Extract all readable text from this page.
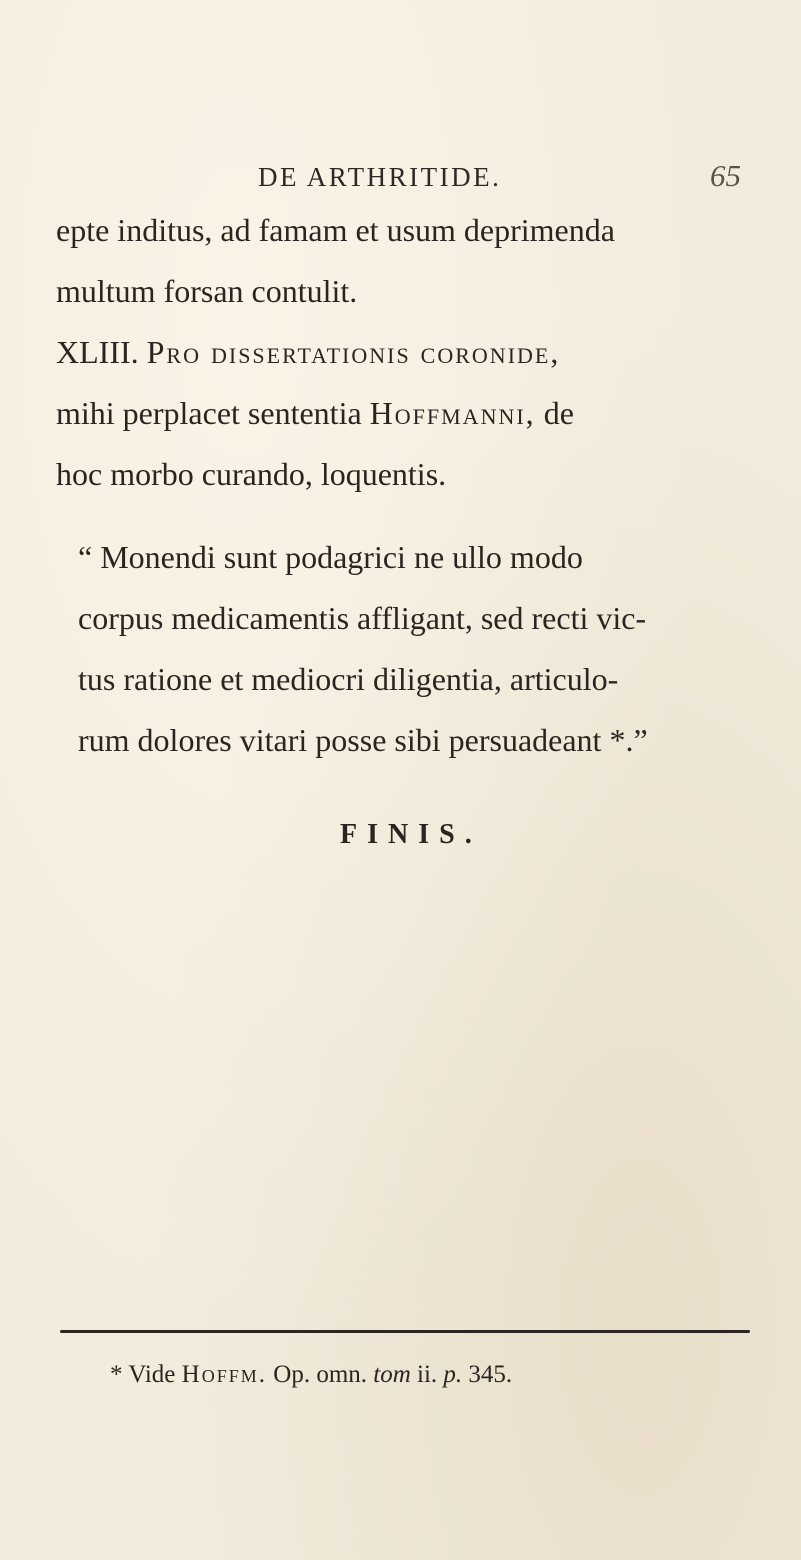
DE ARTHRITIDE.	65
epte inditus, ad famam et usum deprimenda
multum forsan contulit.
XLIII. Pro dissertationis coronide,
mihi perplacet sententia Hoffmanni, de
hoc morbo curando, loquentis.
“ Monendi sunt podagrici ne ullo modo
corpus medicamentis affligant, sed recti vic-
tus ratione et mediocri diligentia, articulo-
rum dolores vitari posse sibi persuadeant *.”
FINIS.
* Vide Hoffm. Op. omn. tom ii. p. 345.
